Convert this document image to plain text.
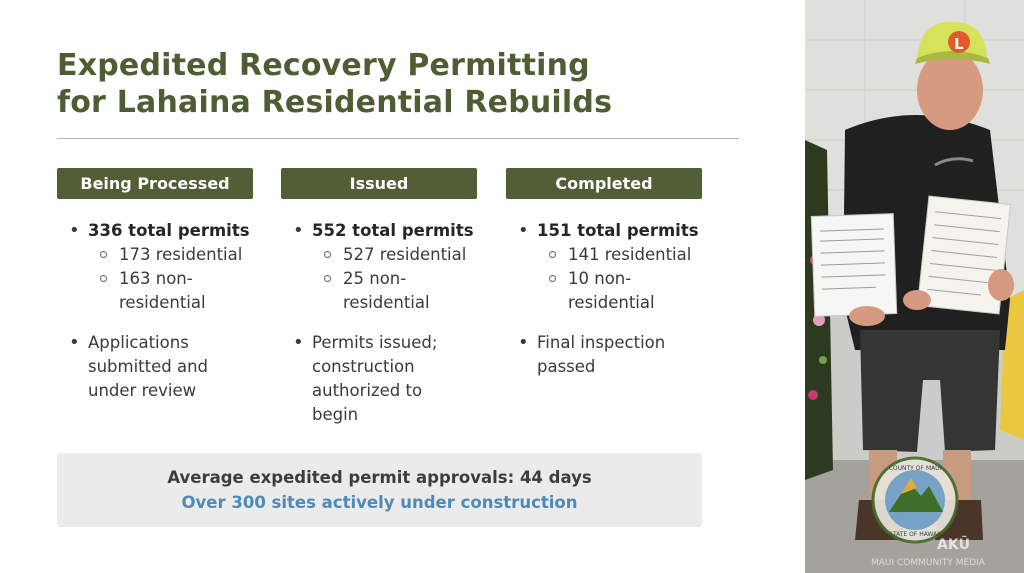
Expedited Recovery Permitting
for Lahaina Residential Rebuilds
Being Processed
• 336 total permits
173 residential
163 non-
residential
• Applications
submitted and
under review
Issued
• 552 total permits
527 residential
25 non-
residential
• Permits issued;
construction
authorized to
begin
Completed
• 151 total permits
141 residential
10 non-
residential
• Final inspection
passed
Average expedited permit approvals: 44 days
Over 300 sites actively under construction
L
COUNTY OF MAUI
STATE OF HAWAII
AKŪ
MAUI COMMUNITY MEDIA
